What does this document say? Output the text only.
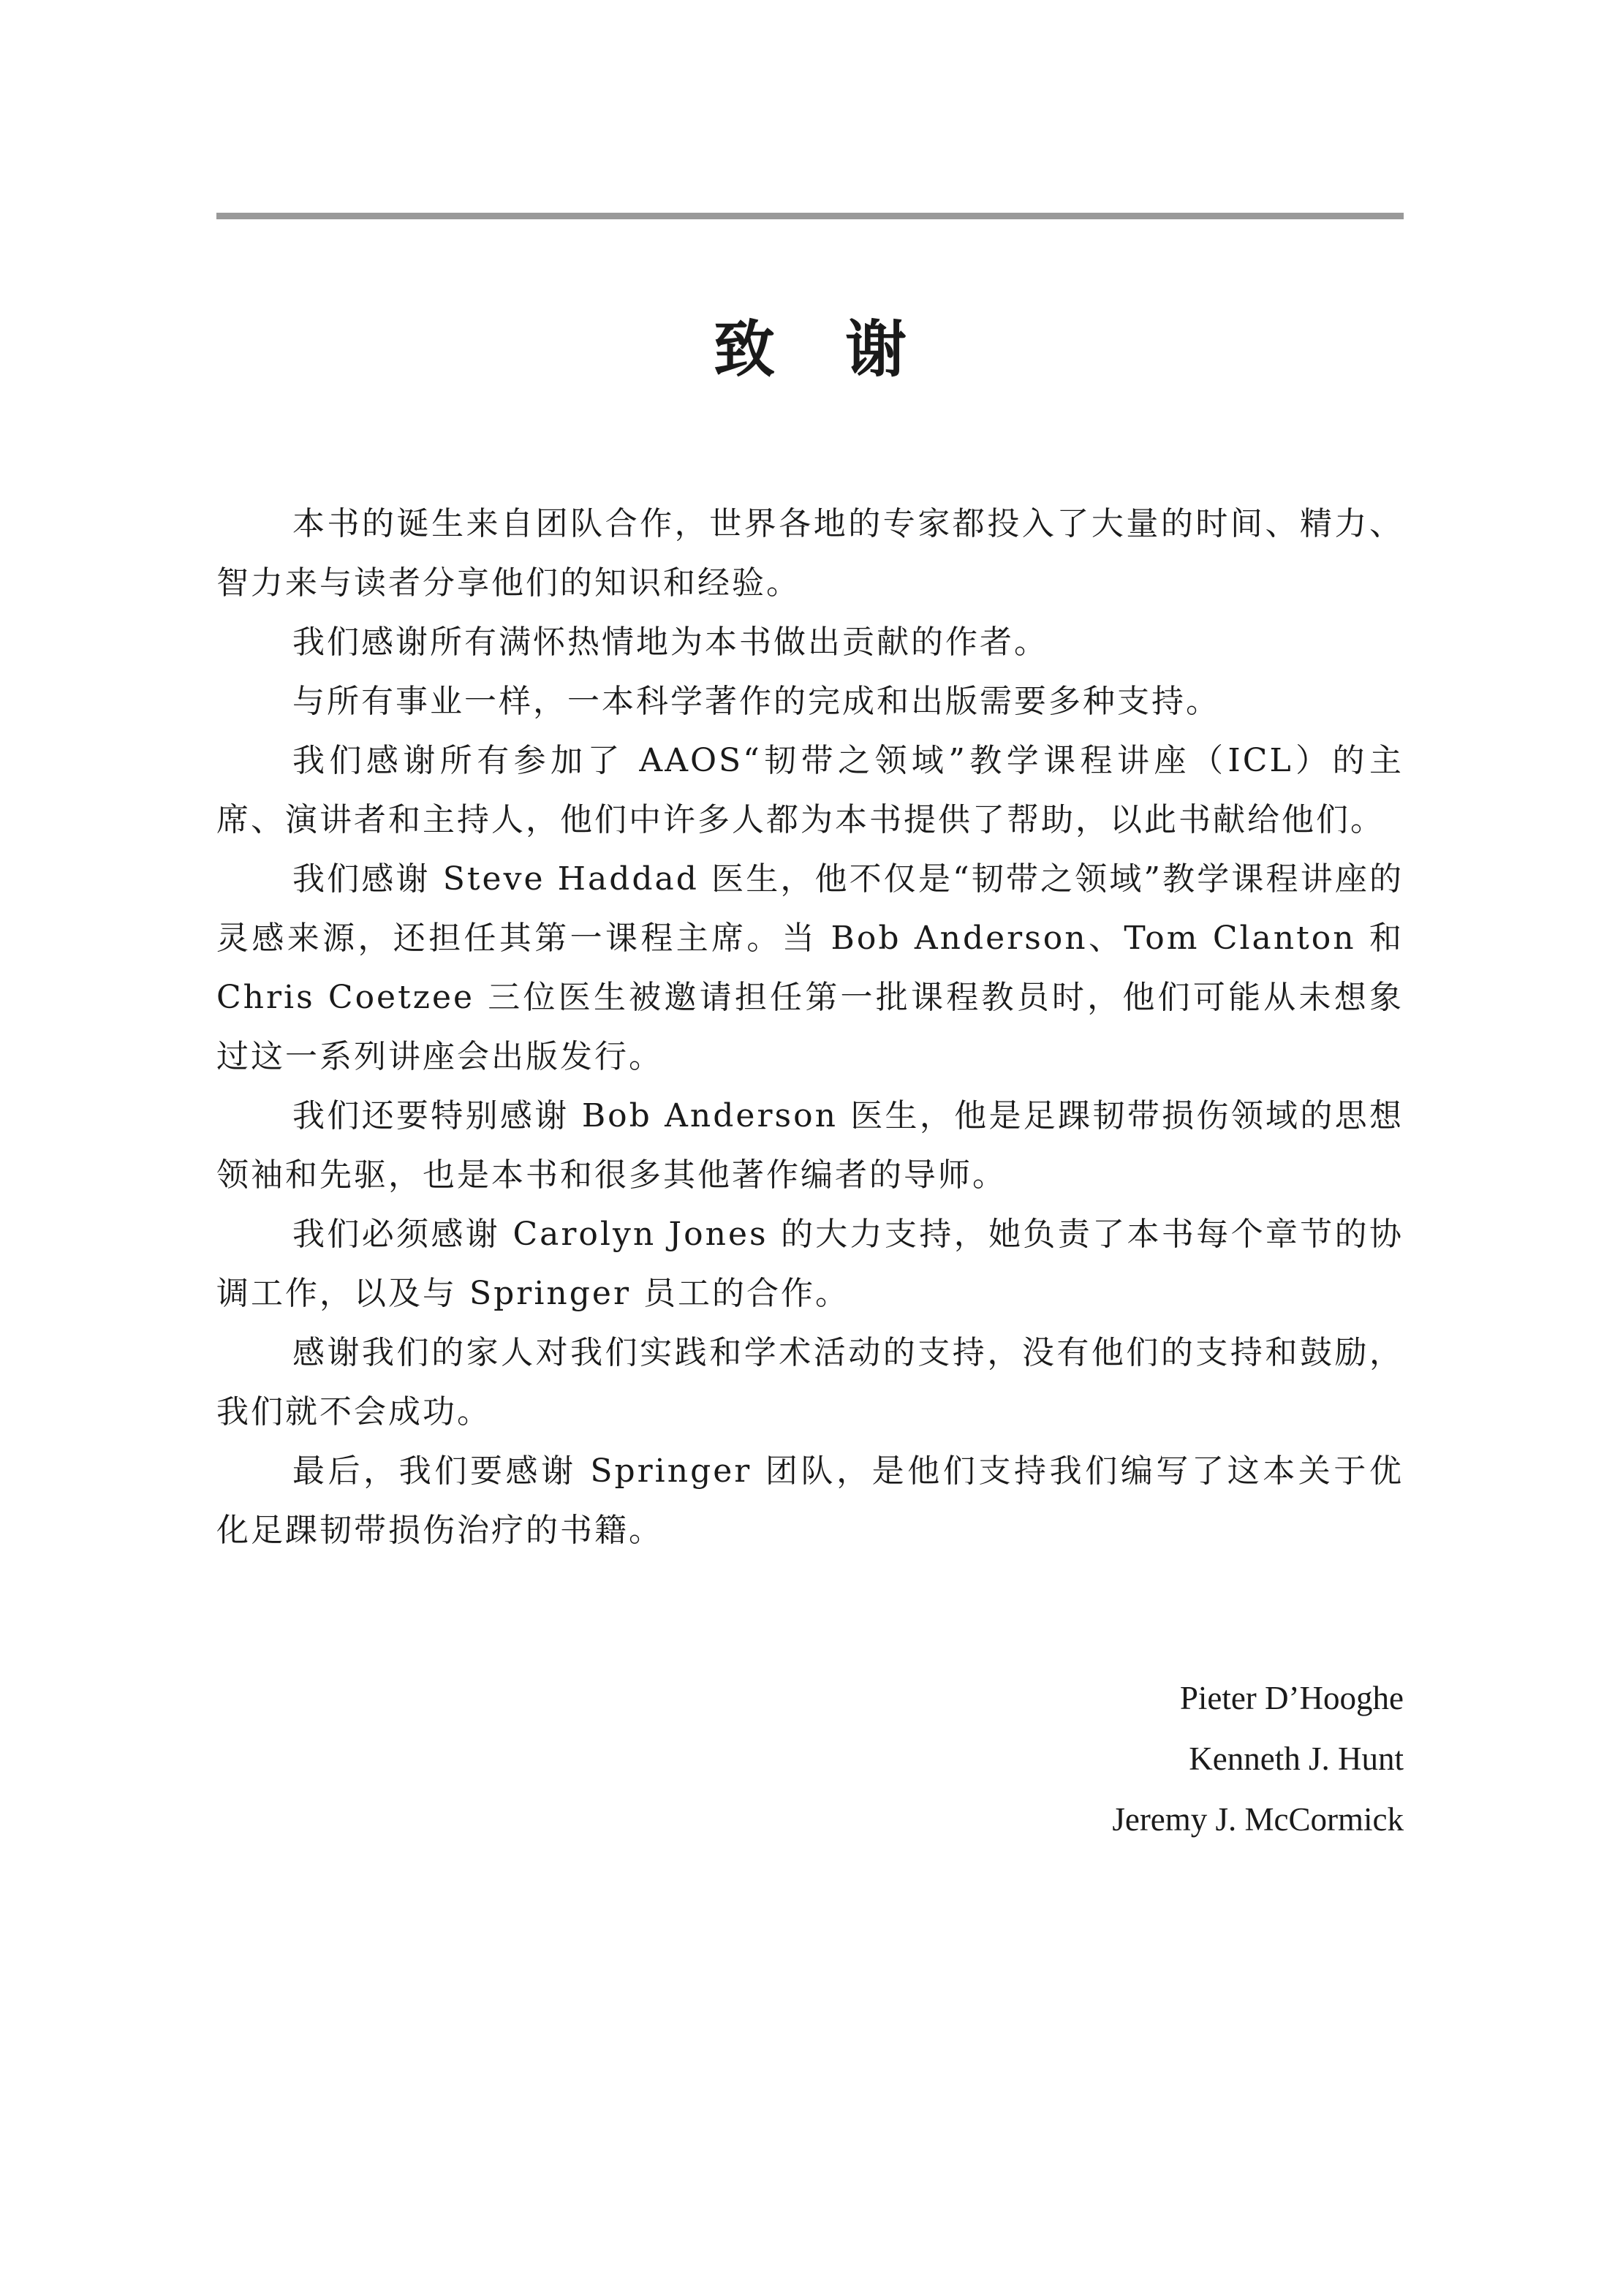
致 谢

本书的诞生来自团队合作，世界各地的专家都投入了大量的时间、精力、智力来与读者分享他们的知识和经验。

我们感谢所有满怀热情地为本书做出贡献的作者。

与所有事业一样，一本科学著作的完成和出版需要多种支持。

我们感谢所有参加了 AAOS“韧带之领域”教学课程讲座（ICL）的主席、演讲者和主持人，他们中许多人都为本书提供了帮助，以此书献给他们。

我们感谢 Steve Haddad 医生，他不仅是“韧带之领域”教学课程讲座的灵感来源，还担任其第一课程主席。当 Bob Anderson、Tom Clanton 和 Chris Coetzee 三位医生被邀请担任第一批课程教员时，他们可能从未想象过这一系列讲座会出版发行。

我们还要特别感谢 Bob Anderson 医生，他是足踝韧带损伤领域的思想领袖和先驱，也是本书和很多其他著作编者的导师。

我们必须感谢 Carolyn Jones 的大力支持，她负责了本书每个章节的协调工作，以及与 Springer 员工的合作。

感谢我们的家人对我们实践和学术活动的支持，没有他们的支持和鼓励，我们就不会成功。

最后，我们要感谢 Springer 团队，是他们支持我们编写了这本关于优化足踝韧带损伤治疗的书籍。

Pieter D’Hooghe
Kenneth J. Hunt
Jeremy J. McCormick
